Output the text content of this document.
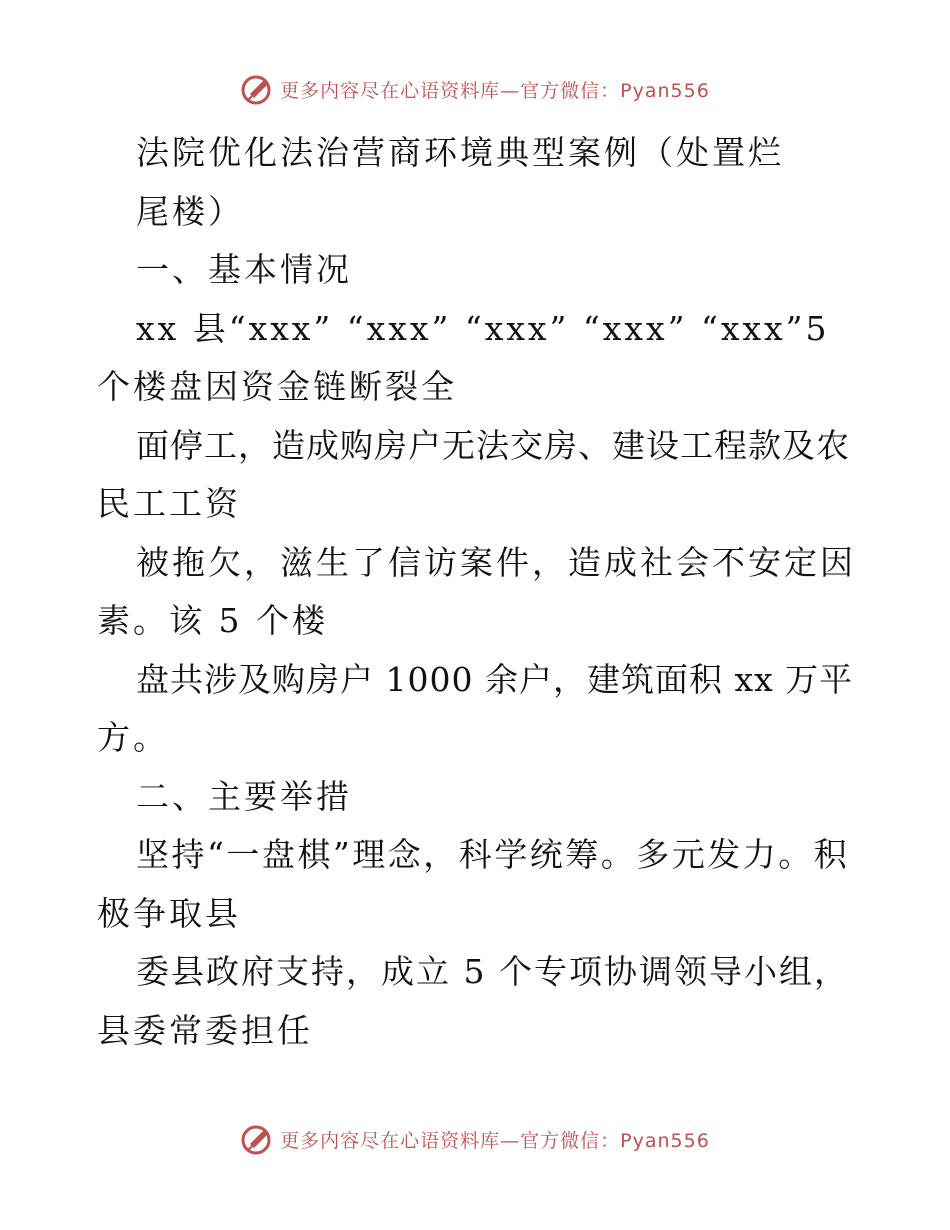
更多内容尽在心语资料库—官方微信：Pyan556
法院优化法治营商环境典型案例（处置烂
尾楼）
一、基本情况
xx 县“xxx” “xxx” “xxx” “xxx” “xxx”5
个楼盘因资金链断裂全
面停工，造成购房户无法交房、建设工程款及农
民工工资
被拖欠，滋生了信访案件，造成社会不安定因
素。该 5 个楼
盘共涉及购房户 1000 余户，建筑面积 xx 万平
方。
二、主要举措
坚持“一盘棋”理念，科学统筹。多元发力。积
极争取县
委县政府支持，成立 5 个专项协调领导小组，
县委常委担任
更多内容尽在心语资料库—官方微信：Pyan556
